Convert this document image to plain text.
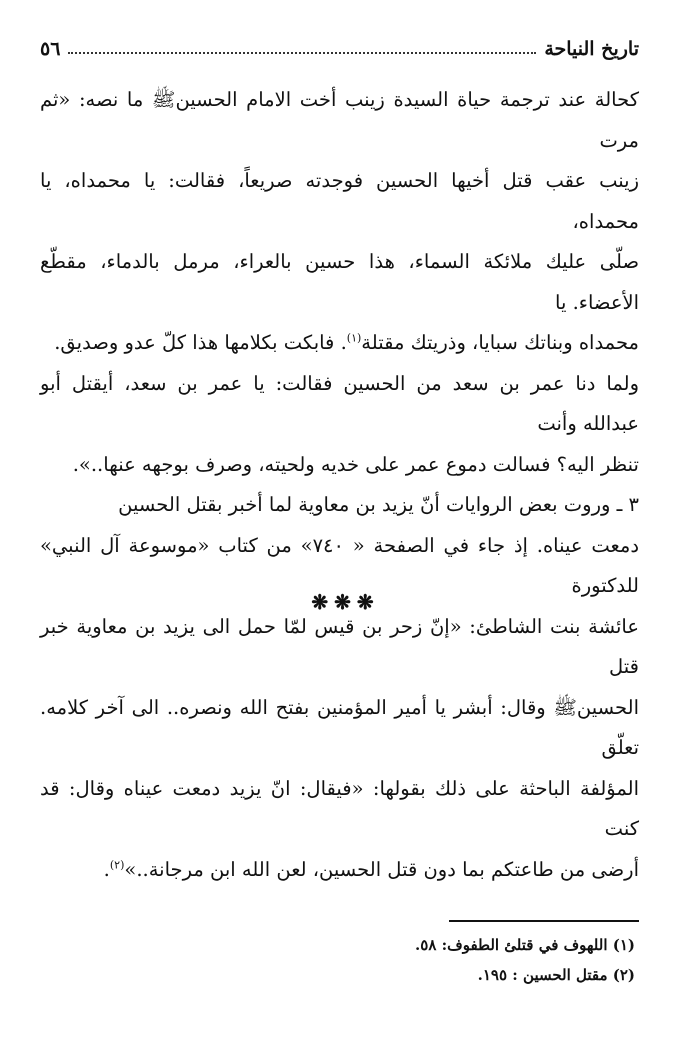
تاريخ النياحة
٥٦

كحالة عند ترجمة حياة السيدة زينب أخت الامام الحسينﷺ ما نصه: «ثم مرت

زينب عقب قتل أخيها الحسين فوجدته صريعاً، فقالت: يا محمداه، يا محمداه،

صلّى عليك ملائكة السماء، هذا حسين بالعراء، مرمل بالدماء، مقطّع الأعضاء. يا

محمداه وبناتك سبايا، وذريتك مقتلة$^{(١)}$. فابكت بكلامها هذا كلّ عدو وصديق.

ولما دنا عمر بن سعد من الحسين فقالت: يا عمر بن سعد، أيقتل أبو عبدالله وأنت

تنظر اليه؟ فسالت دموع عمر على خديه ولحيته، وصرف بوجهه عنها..».

٣ ـ وروت بعض الروايات أنّ يزيد بن معاوية لما أخبر بقتل الحسين

دمعت عيناه. إذ جاء في الصفحة « ٧٤٠» من كتاب «موسوعة آل النبي» للدكتورة

عائشة بنت الشاطئ: «إنّ زحر بن قيس لمّا حمل الى يزيد بن معاوية خبر قتل

الحسينﷺ وقال: أبشر يا أمير المؤمنين بفتح الله ونصره.. الى آخر كلامه. تعلّق

المؤلفة الباحثة على ذلك بقولها: «فيقال: انّ يزيد دمعت عيناه وقال: قد كنت

أرضى من طاعتكم بما دون قتل الحسين، لعن الله ابن مرجانة..»$^{(٢)}$.

❋❋❋

(١) اللهوف في قتلئ الطفوف: ٥٨.

(٢) مقتل الحسين : ١٩٥.
